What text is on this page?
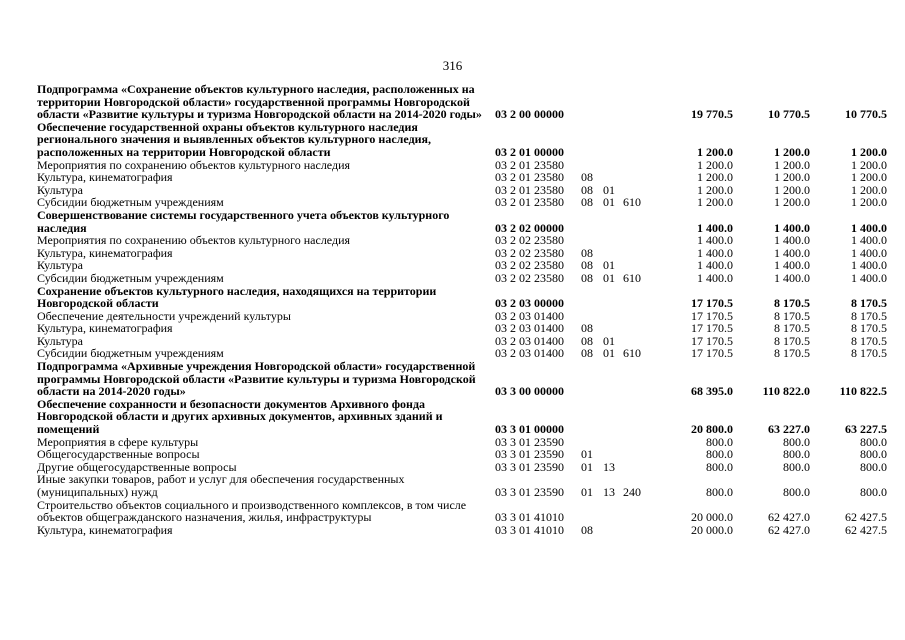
316
Подпрограмма «Сохранение объектов культурного наследия, расположенных на территории Новгородской области» государственной программы Новгородской области «Развитие культуры и туризма Новгородской области на 2014-2020 годы»	03 2 00 00000				19 770.5	10 770.5	10 770.5
Обеспечение государственной охраны объектов культурного наследия регионального значения и выявленных объектов культурного наследия, расположенных на территории Новгородской области	03 2 01 00000				1 200.0	1 200.0	1 200.0
Мероприятия по сохранению объектов культурного наследия	03 2 01 23580				1 200.0	1 200.0	1 200.0
Культура, кинематография	03 2 01 23580	08			1 200.0	1 200.0	1 200.0
Культура	03 2 01 23580	08	01		1 200.0	1 200.0	1 200.0
Субсидии бюджетным учреждениям	03 2 01 23580	08	01	610	1 200.0	1 200.0	1 200.0
Совершенствование системы государственного учета объектов культурного наследия	03 2 02 00000				1 400.0	1 400.0	1 400.0
Мероприятия по сохранению объектов культурного наследия	03 2 02 23580				1 400.0	1 400.0	1 400.0
Культура, кинематография	03 2 02 23580	08			1 400.0	1 400.0	1 400.0
Культура	03 2 02 23580	08	01		1 400.0	1 400.0	1 400.0
Субсидии бюджетным учреждениям	03 2 02 23580	08	01	610	1 400.0	1 400.0	1 400.0
Сохранение объектов культурного наследия, находящихся на территории Новгородской области	03 2 03 00000				17 170.5	8 170.5	8 170.5
Обеспечение деятельности учреждений культуры	03 2 03 01400				17 170.5	8 170.5	8 170.5
Культура, кинематография	03 2 03 01400	08			17 170.5	8 170.5	8 170.5
Культура	03 2 03 01400	08	01		17 170.5	8 170.5	8 170.5
Субсидии бюджетным учреждениям	03 2 03 01400	08	01	610	17 170.5	8 170.5	8 170.5
Подпрограмма «Архивные учреждения Новгородской области» государственной программы Новгородской области «Развитие культуры и туризма Новгородской области на 2014-2020 годы»	03 3 00 00000				68 395.0	110 822.0	110 822.5
Обеспечение сохранности и безопасности документов Архивного фонда Новгородской области и других архивных документов, архивных зданий и помещений	03 3 01 00000				20 800.0	63 227.0	63 227.5
Мероприятия в сфере культуры	03 3 01 23590				800.0	800.0	800.0
Общегосударственные вопросы	03 3 01 23590	01			800.0	800.0	800.0
Другие общегосударственные вопросы	03 3 01 23590	01	13		800.0	800.0	800.0
Иные закупки товаров, работ и услуг для обеспечения государственных (муниципальных) нужд	03 3 01 23590	01	13	240	800.0	800.0	800.0
Строительство объектов социального и производственного комплексов, в том числе объектов общегражданского назначения, жилья, инфраструктуры	03 3 01 41010				20 000.0	62 427.0	62 427.5
Культура, кинематография	03 3 01 41010	08			20 000.0	62 427.0	62 427.5
